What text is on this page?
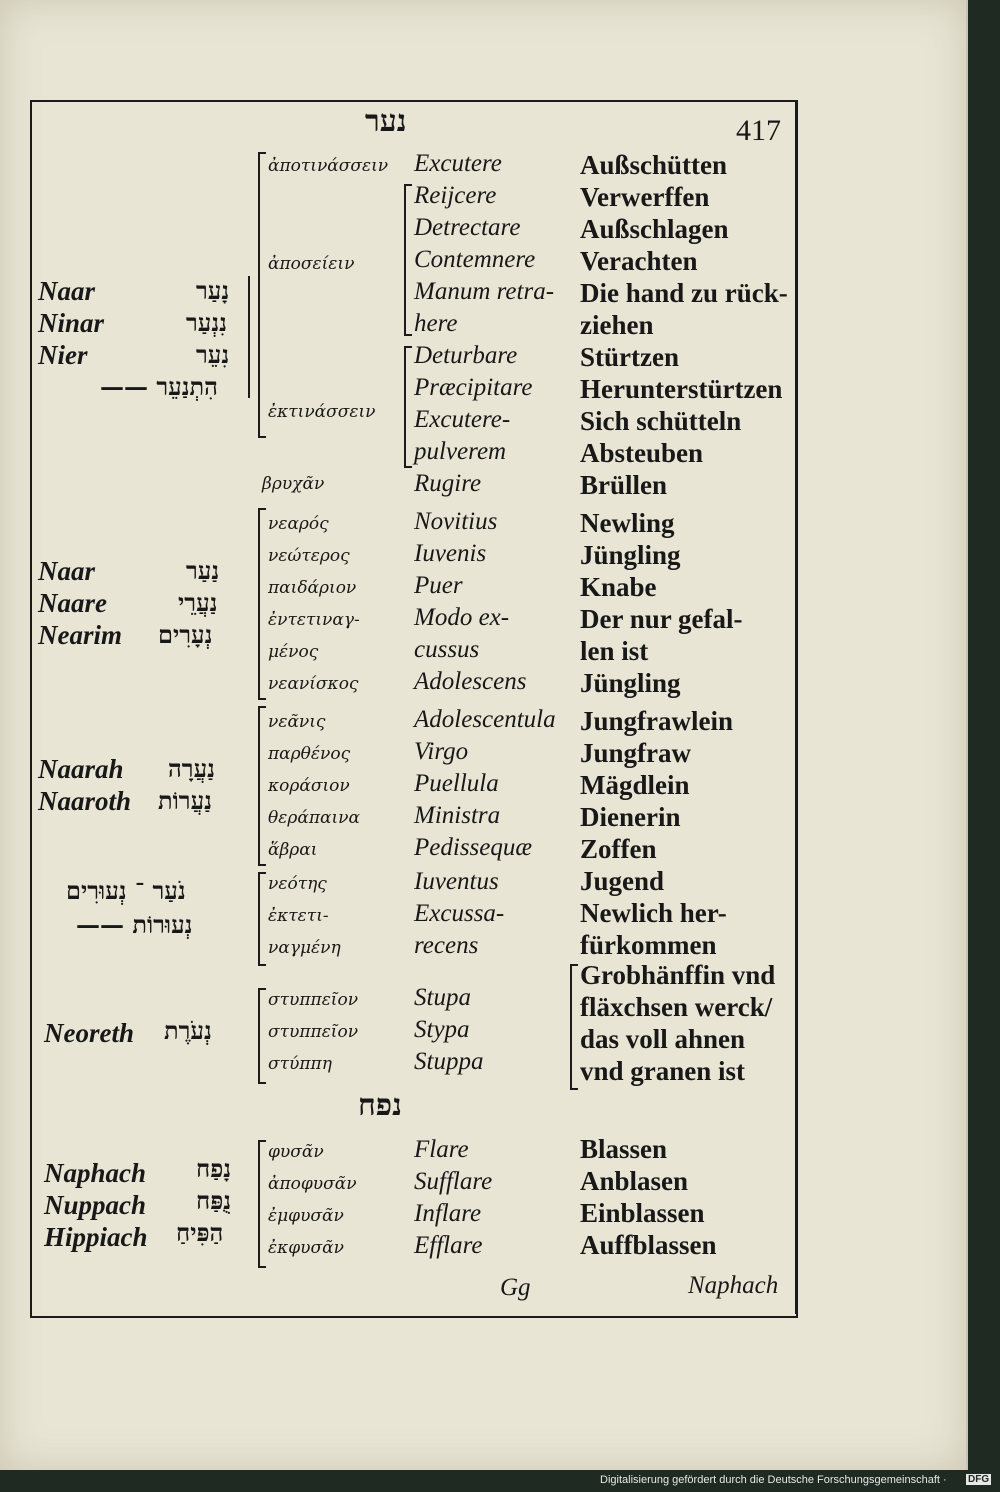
נער	417
Naar
Ninar
Nier
נָעַר
נִנְעַר
נִעֵר
הִתְנַעֵר ——
ἀποτινάσσειν
ἀποσείειν
ἐκτινάσσειν
βρυχᾶν
Excutere
Reijcere
Detrectare
Contemnere
Manum retra-
here
Deturbare
Præcipitare
Excutere-
pulverem
Rugire
Außschütten
Verwerffen
Außschlagen
Verachten
Die hand zu rück-
ziehen
Stürtzen
Herunterstürtzen
Sich schütteln
Absteuben
Brüllen
Naar
Naare
Nearim
נַעַר
נַעֲרֵי
נְעָרִים
νεαρός
νεώτερος
παιδάριον
ἐντετιναγ-
μένος
νεανίσκος
Novitius
Iuvenis
Puer
Modo ex-
cussus
Adolescens
Newling
Jüngling
Knabe
Der nur gefal-
len ist
Jüngling
Naarah
Naaroth
נַעֲרָה
נַעֲרוֹת
νεᾶνις
παρθένος
κοράσιον
θεράπαινα
ἅβραι
Adolescentula
Virgo
Puellula
Ministra
Pedissequæ
Jungfrawlein
Jungfraw
Mägdlein
Dienerin
Zoffen
נֹעַר ־ נְעוּרִים
נְעוּרוֹת ——
νεότης
ἐκτετι-
ναγμένη
Iuventus
Excussa-
recens
Jugend
Newlich her-
fürkommen
Neoreth נְעֹרֶת
στυππεῖον
στυππεῖον
στύππη
Stupa
Stypa
Stuppa
Grobhänffin vnd
fläxchsen werck/
das voll ahnen
vnd granen ist
נפח
Naphach
Nuppach
Hippiach
נָפַח
נֻפַּח
הַפִּיחַ
φυσᾶν
ἀποφυσᾶν
ἐμφυσᾶν
ἐκφυσᾶν
Flare
Sufflare
Inflare
Efflare
Blassen
Anblasen
Einblassen
Auffblassen
Gg	Naphach
Digitalisierung gefördert durch die Deutsche Forschungsgemeinschaft · DFG
